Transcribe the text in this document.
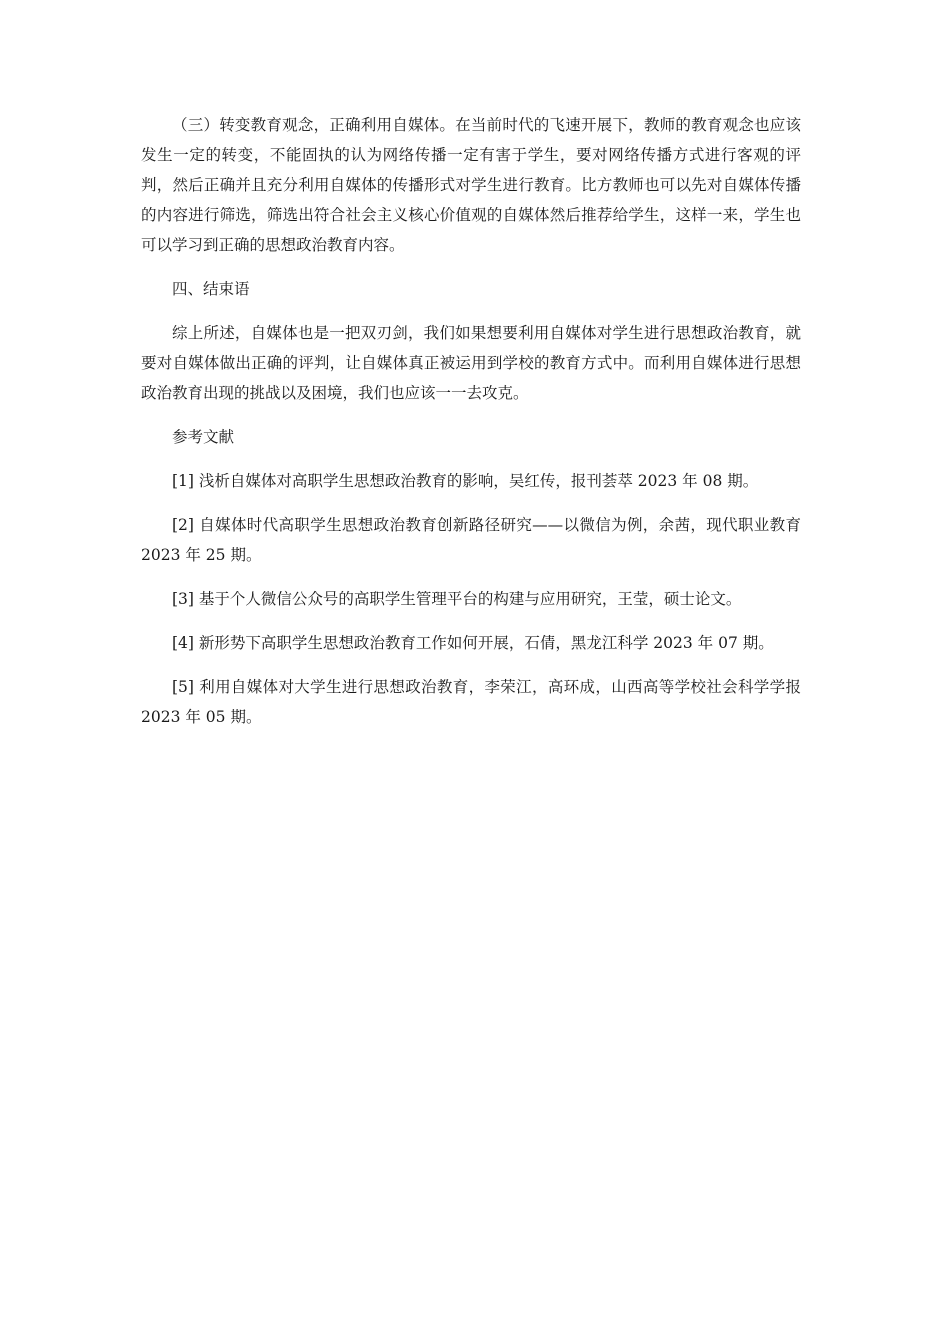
（三）转变教育观念，正确利用自媒体。在当前时代的飞速开展下，教师的教育观念也应该发生一定的转变，不能固执的认为网络传播一定有害于学生，要对网络传播方式进行客观的评判，然后正确并且充分利用自媒体的传播形式对学生进行教育。比方教师也可以先对自媒体传播的内容进行筛选，筛选出符合社会主义核心价值观的自媒体然后推荐给学生，这样一来，学生也可以学习到正确的思想政治教育内容。

四、结束语

综上所述，自媒体也是一把双刃剑，我们如果想要利用自媒体对学生进行思想政治教育，就要对自媒体做出正确的评判，让自媒体真正被运用到学校的教育方式中。而利用自媒体进行思想政治教育出现的挑战以及困境，我们也应该一一去攻克。

参考文献

[1] 浅析自媒体对高职学生思想政治教育的影响，吴红传，报刊荟萃 2023 年 08 期。

[2] 自媒体时代高职学生思想政治教育创新路径研究——以微信为例，余茜，现代职业教育 2023 年 25 期。

[3] 基于个人微信公众号的高职学生管理平台的构建与应用研究，王莹，硕士论文。

[4] 新形势下高职学生思想政治教育工作如何开展，石倩，黑龙江科学 2023 年 07 期。

[5] 利用自媒体对大学生进行思想政治教育，李荣江，高环成，山西高等学校社会科学学报 2023 年 05 期。
